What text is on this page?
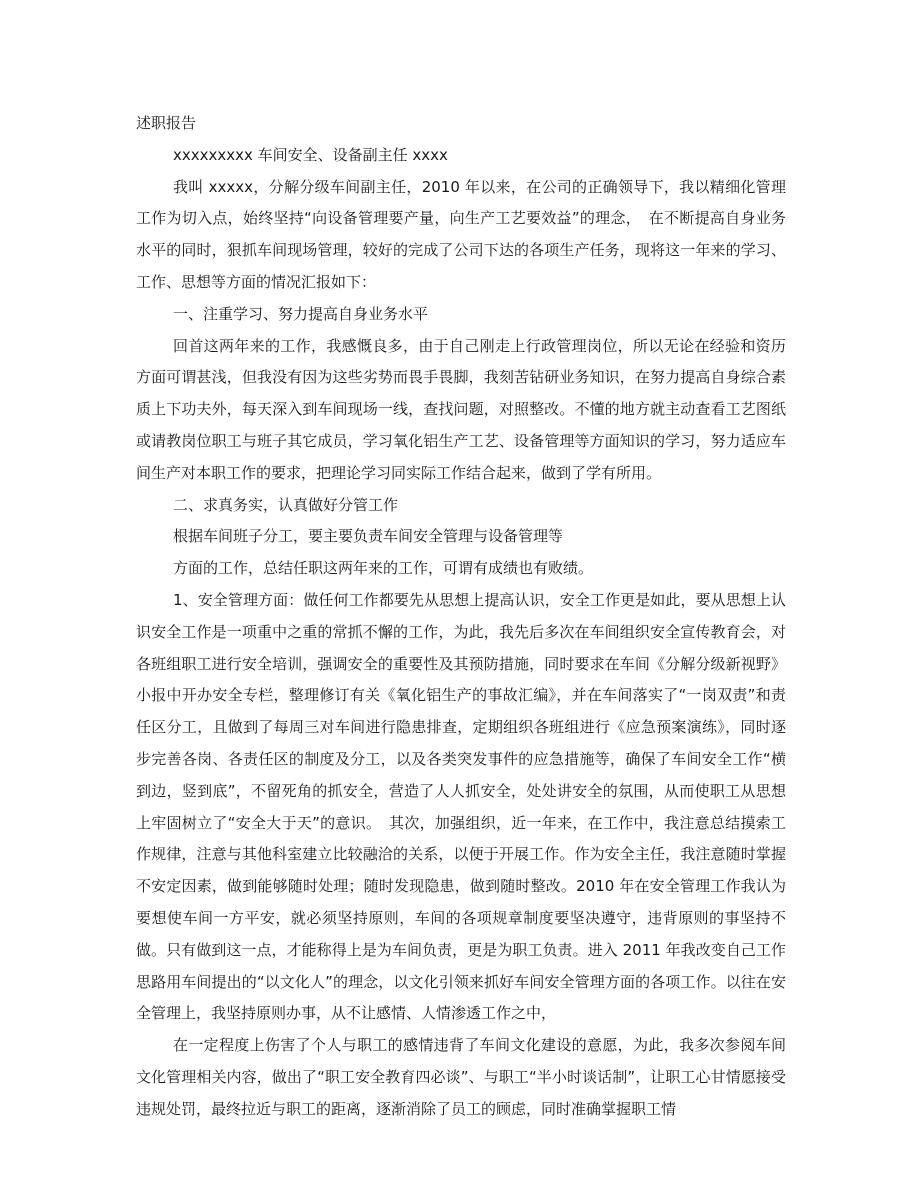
述职报告

xxxxxxxxx 车间安全、设备副主任 xxxx

我叫 xxxxx，分解分级车间副主任，2010 年以来，在公司的正确领导下，我以精细化管理工作为切入点，始终坚持“向设备管理要产量，向生产工艺要效益”的理念，　在不断提高自身业务水平的同时，狠抓车间现场管理，较好的完成了公司下达的各项生产任务，现将这一年来的学习、工作、思想等方面的情况汇报如下：

一、注重学习、努力提高自身业务水平

回首这两年来的工作，我感慨良多，由于自己刚走上行政管理岗位，所以无论在经验和资历方面可谓甚浅，但我没有因为这些劣势而畏手畏脚，我刻苦钻研业务知识，在努力提高自身综合素质上下功夫外，每天深入到车间现场一线，查找问题，对照整改。不懂的地方就主动查看工艺图纸或请教岗位职工与班子其它成员，学习氧化铝生产工艺、设备管理等方面知识的学习，努力适应车间生产对本职工作的要求，把理论学习同实际工作结合起来，做到了学有所用。

二、求真务实，认真做好分管工作

根据车间班子分工，要主要负责车间安全管理与设备管理等

方面的工作，总结任职这两年来的工作，可谓有成绩也有败绩。

1、安全管理方面：做任何工作都要先从思想上提高认识，安全工作更是如此，要从思想上认识安全工作是一项重中之重的常抓不懈的工作，为此，我先后多次在车间组织安全宣传教育会，对各班组职工进行安全培训，强调安全的重要性及其预防措施，同时要求在车间《分解分级新视野》小报中开办安全专栏，整理修订有关《氧化铝生产的事故汇编》，并在车间落实了“一岗双责”和责任区分工，且做到了每周三对车间进行隐患排查，定期组织各班组进行《应急预案演练》，同时逐步完善各岗、各责任区的制度及分工，以及各类突发事件的应急措施等，确保了车间安全工作“横到边，竖到底”，不留死角的抓安全，营造了人人抓安全，处处讲安全的氛围，从而使职工从思想上牢固树立了“安全大于天”的意识。　其次，加强组织，近一年来，在工作中，我注意总结摸索工作规律，注意与其他科室建立比较融洽的关系，以便于开展工作。作为安全主任，我注意随时掌握不安定因素，做到能够随时处理；随时发现隐患，做到随时整改。2010 年在安全管理工作我认为要想使车间一方平安，就必须坚持原则，车间的各项规章制度要坚决遵守，违背原则的事坚持不做。只有做到这一点，才能称得上是为车间负责，更是为职工负责。进入 2011 年我改变自己工作思路用车间提出的“以文化人”的理念，以文化引领来抓好车间安全管理方面的各项工作。以往在安全管理上，我坚持原则办事，从不让感情、人情渗透工作之中，

在一定程度上伤害了个人与职工的感情违背了车间文化建设的意愿，为此，我多次参阅车间文化管理相关内容，做出了“职工安全教育四必谈”、与职工“半小时谈话制”，让职工心甘情愿接受违规处罚，最终拉近与职工的距离，逐渐消除了员工的顾虑，同时准确掌握职工情
